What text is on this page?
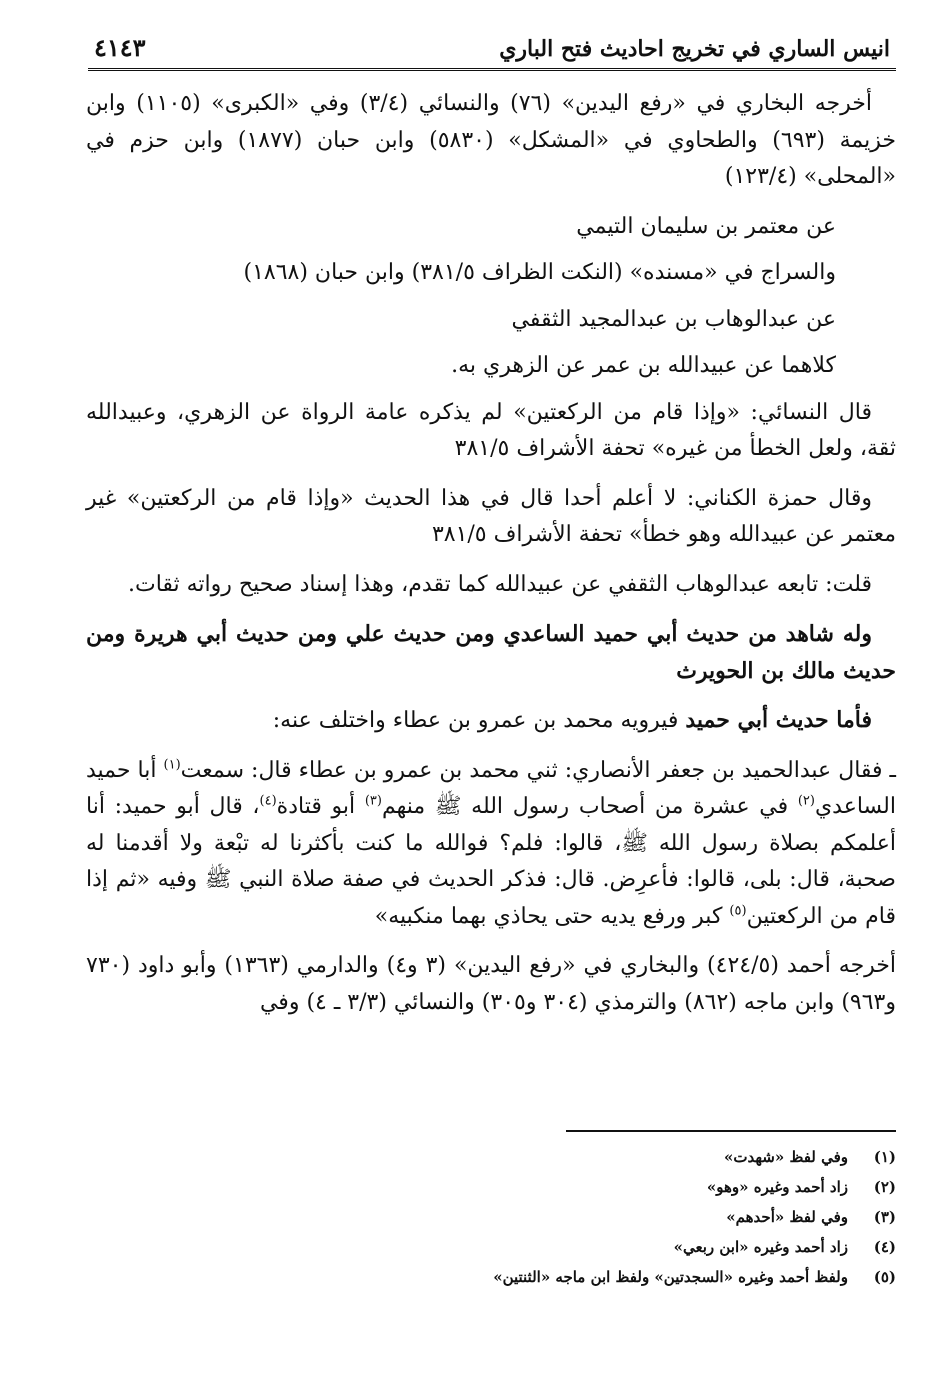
انيس الساري في تخريج احاديث فتح الباري
٤١٤٣

أخرجه البخاري في «رفع اليدين» (٧٦) والنسائي (٣/٤) وفي «الكبرى» (١١٠٥) وابن خزيمة (٦٩٣) والطحاوي في «المشكل» (٥٨٣٠) وابن حبان (١٨٧٧) وابن حزم في «المحلى» (١٢٣/٤)

عن معتمر بن سليمان التيمي

والسراج في «مسنده» (النكت الظراف ٣٨١/٥) وابن حبان (١٨٦٨)

عن عبدالوهاب بن عبدالمجيد الثقفي

كلاهما عن عبيدالله بن عمر عن الزهري به.

قال النسائي: «وإذا قام من الركعتين» لم يذكره عامة الرواة عن الزهري، وعبيدالله ثقة، ولعل الخطأ من غيره» تحفة الأشراف ٣٨١/٥

وقال حمزة الكناني: لا أعلم أحدا قال في هذا الحديث «وإذا قام من الركعتين» غير معتمر عن عبيدالله وهو خطأ» تحفة الأشراف ٣٨١/٥

قلت: تابعه عبدالوهاب الثقفي عن عبيدالله كما تقدم، وهذا إسناد صحيح رواته ثقات.

وله شاهد من حديث أبي حميد الساعدي ومن حديث علي ومن حديث أبي هريرة ومن حديث مالك بن الحويرث

فأما حديث أبي حميد فيرويه محمد بن عمرو بن عطاء واختلف عنه:

ـ فقال عبدالحميد بن جعفر الأنصاري: ثني محمد بن عمرو بن عطاء قال: سمعت$^{(١)}$ أبا حميد الساعدي$^{(٢)}$ في عشرة من أصحاب رسول الله ﷺ منهم$^{(٣)}$ أبو قتادة$^{(٤)}$، قال أبو حميد: أنا أعلمكم بصلاة رسول الله ﷺ، قالوا: فلم؟ فوالله ما كنت بأكثرنا له تبْعة ولا أقدمنا له صحبة، قال: بلى، قالوا: فأعرِض. قال: فذكر الحديث في صفة صلاة النبي ﷺ وفيه «ثم إذا قام من الركعتين$^{(٥)}$ كبر ورفع يديه حتى يحاذي بهما منكبيه»

أخرجه أحمد (٤٢٤/٥) والبخاري في «رفع اليدين» (٣ و٤) والدارمي (١٣٦٣) وأبو داود (٧٣٠ و٩٦٣) وابن ماجه (٨٦٢) والترمذي (٣٠٤ و٣٠٥) والنسائي (٣/٣ ـ ٤) وفي

(١)
وفي لفظ «شهدت»
(٢)
زاد أحمد وغيره «وهو»
(٣)
وفي لفظ «أحدهم»
(٤)
زاد أحمد وغيره «ابن ربعي»
(٥)
ولفظ أحمد وغيره «السجدتين» ولفظ ابن ماجه «الثنتين»
